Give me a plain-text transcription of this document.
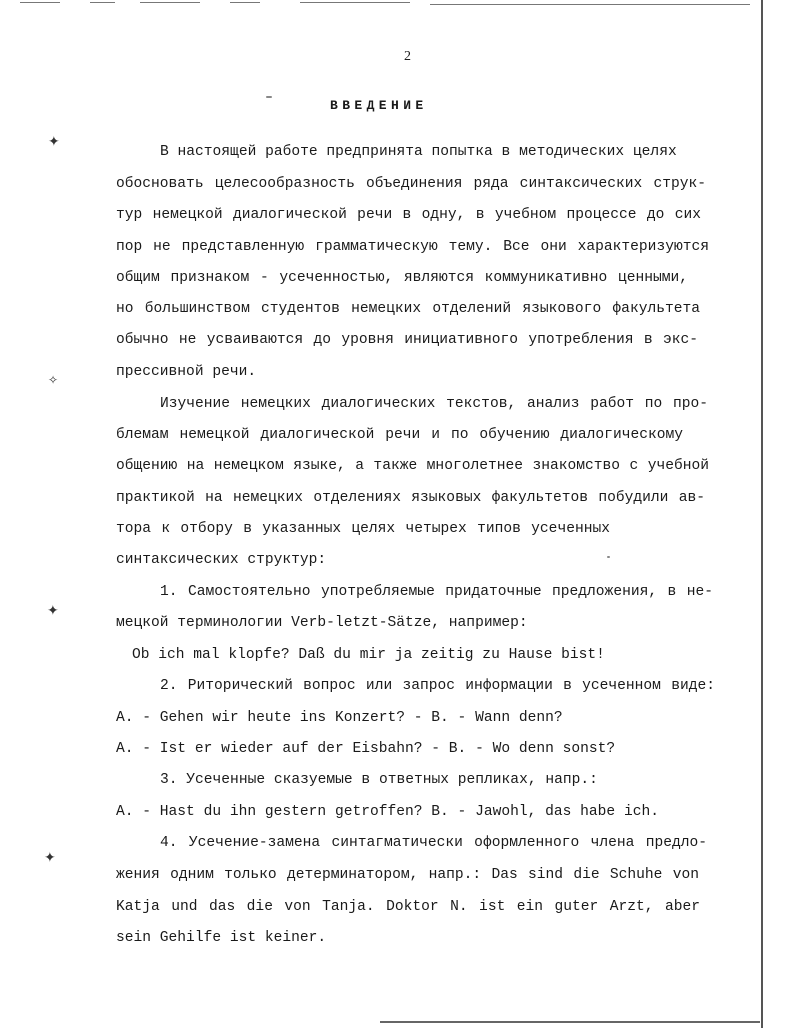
✦
✧
✦
✦
2
ВВЕДЕНИЕ
В настоящей работе предпринята попытка в методических целях
обосновать целесообразность объединения ряда синтаксических струк-
тур немецкой диалогической речи в одну, в учебном процессе до сих
пор не представленную грамматическую тему. Все они характеризуются
общим признаком - усеченностью, являются коммуникативно ценными,
но большинством студентов немецких отделений языкового факультета
обычно не усваиваются до уровня инициативного употребления в экс-
прессивной речи.
Изучение немецких диалогических текстов, анализ работ по про-
блемам немецкой диалогической речи и по обучению диалогическому
общению на немецком языке, а также многолетнее знакомство с учебной
практикой на немецких отделениях языковых факультетов побудили ав-
тора к отбору в указанных целях четырех типов усеченных
синтаксических структур:
1. Самостоятельно употребляемые придаточные предложения, в не-
мецкой терминологии Verb-letzt-Sätze, например:
Ob ich mal klopfe? Daß du mir ja zeitig zu Hause bist!
2. Риторический вопрос или запрос информации в усеченном виде:
А. - Gehen wir heute ins Konzert? - В. - Wann denn?
А. - Ist er wieder auf der Eisbahn? - В. - Wo denn sonst?
3. Усеченные сказуемые в ответных репликах, напр.:
А. - Hast du ihn gestern getroffen? В. - Jawohl, das habe ich.
4. Усечение-замена синтагматически оформленного члена предло-
жения одним только детерминатором, напр.: Das sind die Schuhe von
Katja und das die von Tanja. Doktor N. ist ein guter Arzt, aber
sein Gehilfe ist keiner.
